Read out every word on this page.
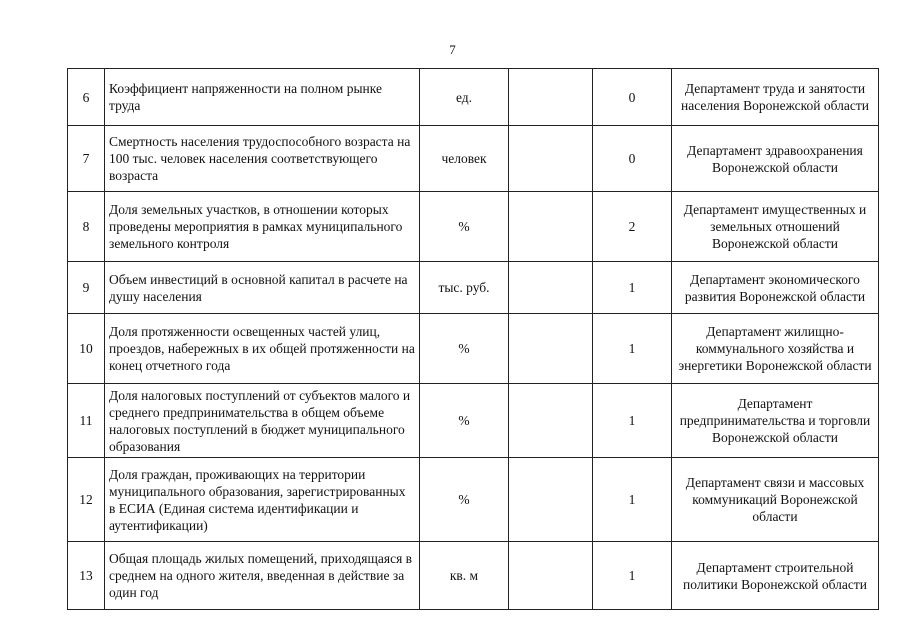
7
6	Коэффициент напряженности на полном рынке труда	ед.		0	Департамент труда и занятости населения Воронежской области
7	Смертность населения трудоспособного возраста на 100 тыс. человек населения соответствующего возраста	человек		0	Департамент здравоохранения Воронежской области
8	Доля земельных участков, в отношении которых проведены мероприятия в рамках муниципального земельного контроля	%		2	Департамент имущественных и земельных отношений Воронежской области
9	Объем инвестиций в основной капитал в расчете на душу населения	тыс. руб.		1	Департамент экономического развития Воронежской области
10	Доля протяженности освещенных частей улиц, проездов, набережных в их общей протяженности на конец отчетного года	%		1	Департамент жилищно-коммунального хозяйства и энергетики Воронежской области
11	Доля налоговых поступлений от субъектов малого и среднего предпринимательства в общем объеме налоговых поступлений в бюджет муниципального образования	%		1	Департамент предпринимательства и торговли Воронежской области
12	Доля граждан, проживающих на территории муниципального образования, зарегистрированных в ЕСИА (Единая система идентификации и аутентификации)	%		1	Департамент связи и массовых коммуникаций Воронежской области
13	Общая площадь жилых помещений, приходящаяся в среднем на одного жителя, введенная в действие за один год	кв. м		1	Департамент строительной политики Воронежской области
